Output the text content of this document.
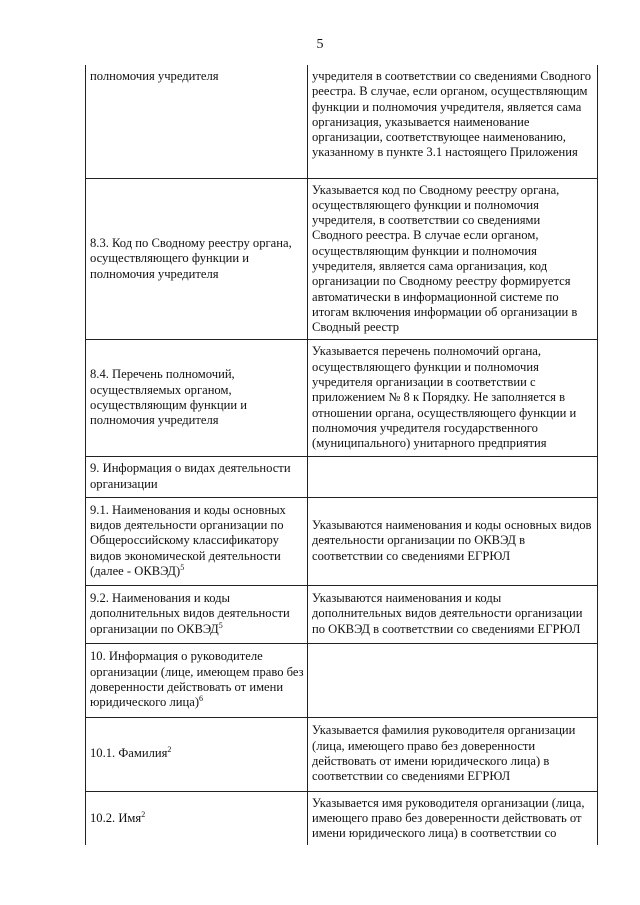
5
полномочия учредителя	учредителя в соответствии со сведениями Сводного реестра. В случае, если органом, осуществляющим функции и полномочия учредителя, является сама организация, указывается наименование организации, соответствующее наименованию, указанному в пункте 3.1 настоящего Приложения
8.3. Код по Сводному реестру органа, осуществляющего функции и полномочия учредителя	Указывается код по Сводному реестру органа, осуществляющего функции и полномочия учредителя, в соответствии со сведениями Сводного реестра. В случае если органом, осуществляющим функции и полномочия учредителя, является сама организация, код организации по Сводному реестру формируется автоматически в информационной системе по итогам включения информации об организации в Сводный реестр
8.4. Перечень полномочий, осуществляемых органом, осуществляющим функции и полномочия учредителя	Указывается перечень полномочий органа, осуществляющего функции и полномочия учредителя организации в соответствии с приложением № 8 к Порядку. Не заполняется в отношении органа, осуществляющего функции и полномочия учредителя государственного (муниципального) унитарного предприятия
9. Информация о видах деятельности организации	
9.1. Наименования и коды основных видов деятельности организации по Общероссийскому классификатору видов экономической деятельности (далее - ОКВЭД)$^5$	Указываются наименования и коды основных видов деятельности организации по ОКВЭД в соответствии со сведениями ЕГРЮЛ
9.2. Наименования и коды дополнительных видов деятельности организации по ОКВЭД$^5$	Указываются наименования и коды дополнительных видов деятельности организации по ОКВЭД в соответствии со сведениями ЕГРЮЛ
10. Информация о руководителе организации (лице, имеющем право без доверенности действовать от имени юридического лица)$^6$	
10.1. Фамилия$^2$	Указывается фамилия руководителя организации (лица, имеющего право без доверенности действовать от имени юридического лица) в соответствии со сведениями ЕГРЮЛ
10.2. Имя$^2$	Указывается имя руководителя организации (лица, имеющего право без доверенности действовать от имени юридического лица) в соответствии со
